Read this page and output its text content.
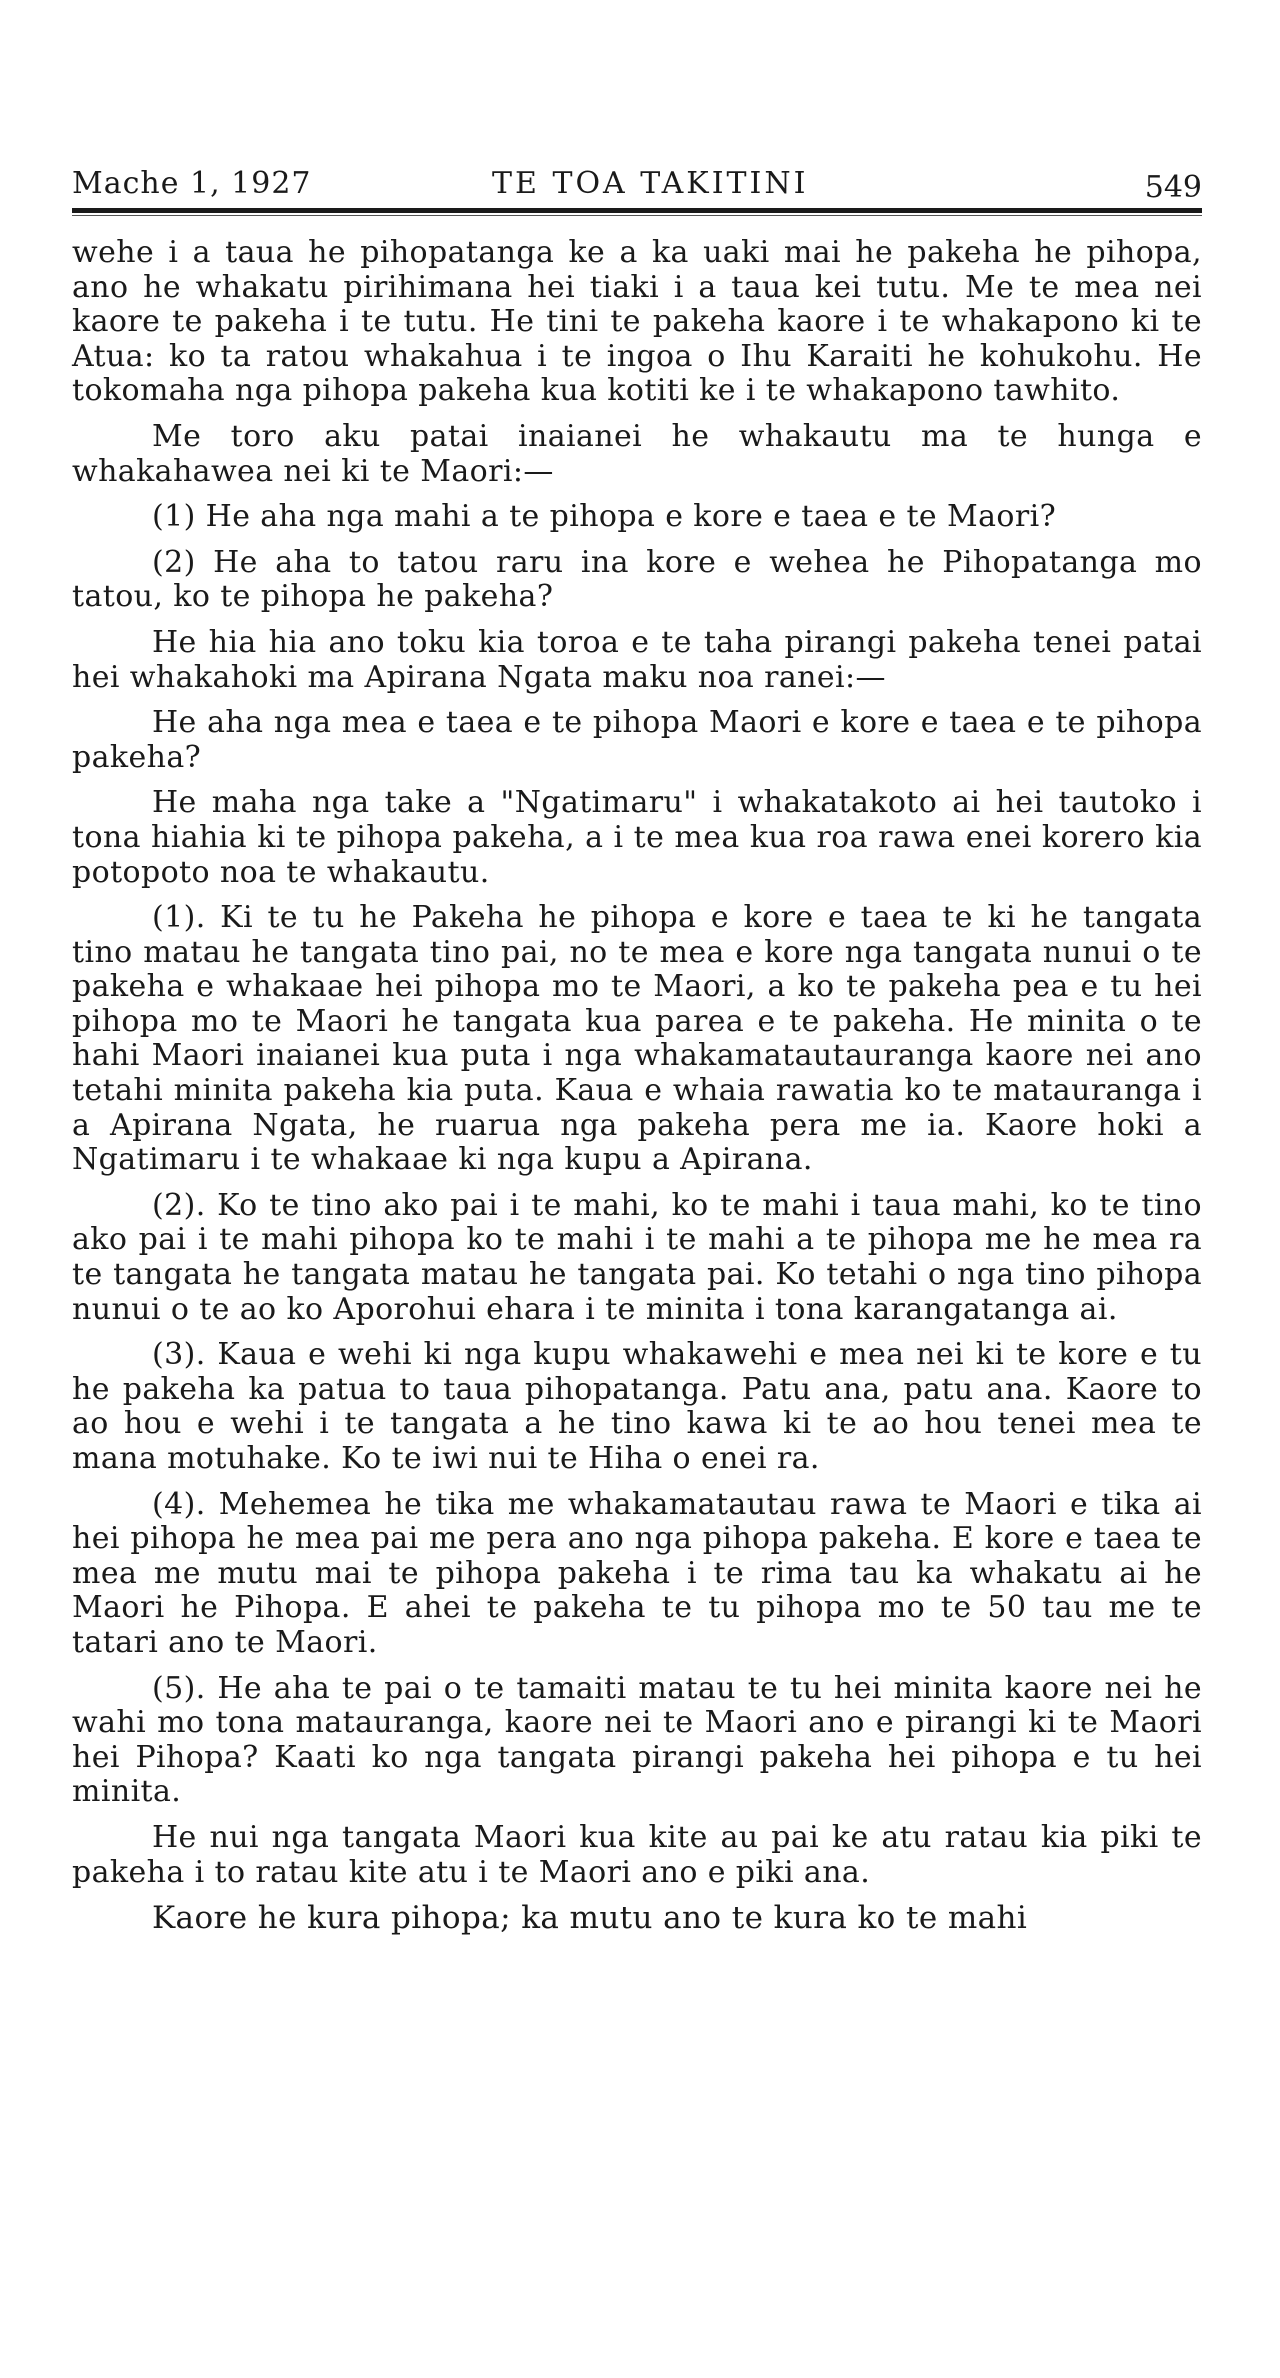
Mache 1, 1927	TE TOA TAKITINI	549

wehe i a taua he pihopatanga ke a ka uaki mai he pakeha he pihopa, ano he whakatu pirihimana hei tiaki i a taua kei tutu. Me te mea nei kaore te pakeha i te tutu. He tini te pakeha kaore i te whakapono ki te Atua: ko ta ratou whakahua i te ingoa o Ihu Karaiti he kohukohu. He tokomaha nga pihopa pakeha kua kotiti ke i te whakapono tawhito.

Me toro aku patai inaianei he whakautu ma te hunga e whakahawea nei ki te Maori:—

(1) He aha nga mahi a te pihopa e kore e taea e te Maori?

(2) He aha to tatou raru ina kore e wehea he Pihopatanga mo tatou, ko te pihopa he pakeha?

He hia hia ano toku kia toroa e te taha pirangi pakeha tenei patai hei whakahoki ma Apirana Ngata maku noa ranei:—

He aha nga mea e taea e te pihopa Maori e kore e taea e te pihopa pakeha?

He maha nga take a "Ngatimaru" i whakatakoto ai hei tautoko i tona hiahia ki te pihopa pakeha, a i te mea kua roa rawa enei korero kia potopoto noa te whakautu.

(1). Ki te tu he Pakeha he pihopa e kore e taea te ki he tangata tino matau he tangata tino pai, no te mea e kore nga tangata nunui o te pakeha e whakaae hei pihopa mo te Maori, a ko te pakeha pea e tu hei pihopa mo te Maori he tangata kua parea e te pakeha. He minita o te hahi Maori inaianei kua puta i nga whakamatautauranga kaore nei ano tetahi minita pakeha kia puta. Kaua e whaia rawatia ko te matauranga i a Apirana Ngata, he ruarua nga pakeha pera me ia. Kaore hoki a Ngatimaru i te whakaae ki nga kupu a Apirana.

(2). Ko te tino ako pai i te mahi, ko te mahi i taua mahi, ko te tino ako pai i te mahi pihopa ko te mahi i te mahi a te pihopa me he mea ra te tangata he tangata matau he tangata pai. Ko tetahi o nga tino pihopa nunui o te ao ko Aporohui ehara i te minita i tona karangatanga ai.

(3). Kaua e wehi ki nga kupu whakawehi e mea nei ki te kore e tu he pakeha ka patua to taua pihopatanga. Patu ana, patu ana. Kaore to ao hou e wehi i te tangata a he tino kawa ki te ao hou tenei mea te mana motuhake. Ko te iwi nui te Hiha o enei ra.

(4). Mehemea he tika me whakamatautau rawa te Maori e tika ai hei pihopa he mea pai me pera ano nga pihopa pakeha. E kore e taea te mea me mutu mai te pihopa pakeha i te rima tau ka whakatu ai he Maori he Pihopa. E ahei te pakeha te tu pihopa mo te 50 tau me te tatari ano te Maori.

(5). He aha te pai o te tamaiti matau te tu hei minita kaore nei he wahi mo tona matauranga, kaore nei te Maori ano e pirangi ki te Maori hei Pihopa? Kaati ko nga tangata pirangi pakeha hei pihopa e tu hei minita.

He nui nga tangata Maori kua kite au pai ke atu ratau kia piki te pakeha i to ratau kite atu i te Maori ano e piki ana.

Kaore he kura pihopa; ka mutu ano te kura ko te mahi
